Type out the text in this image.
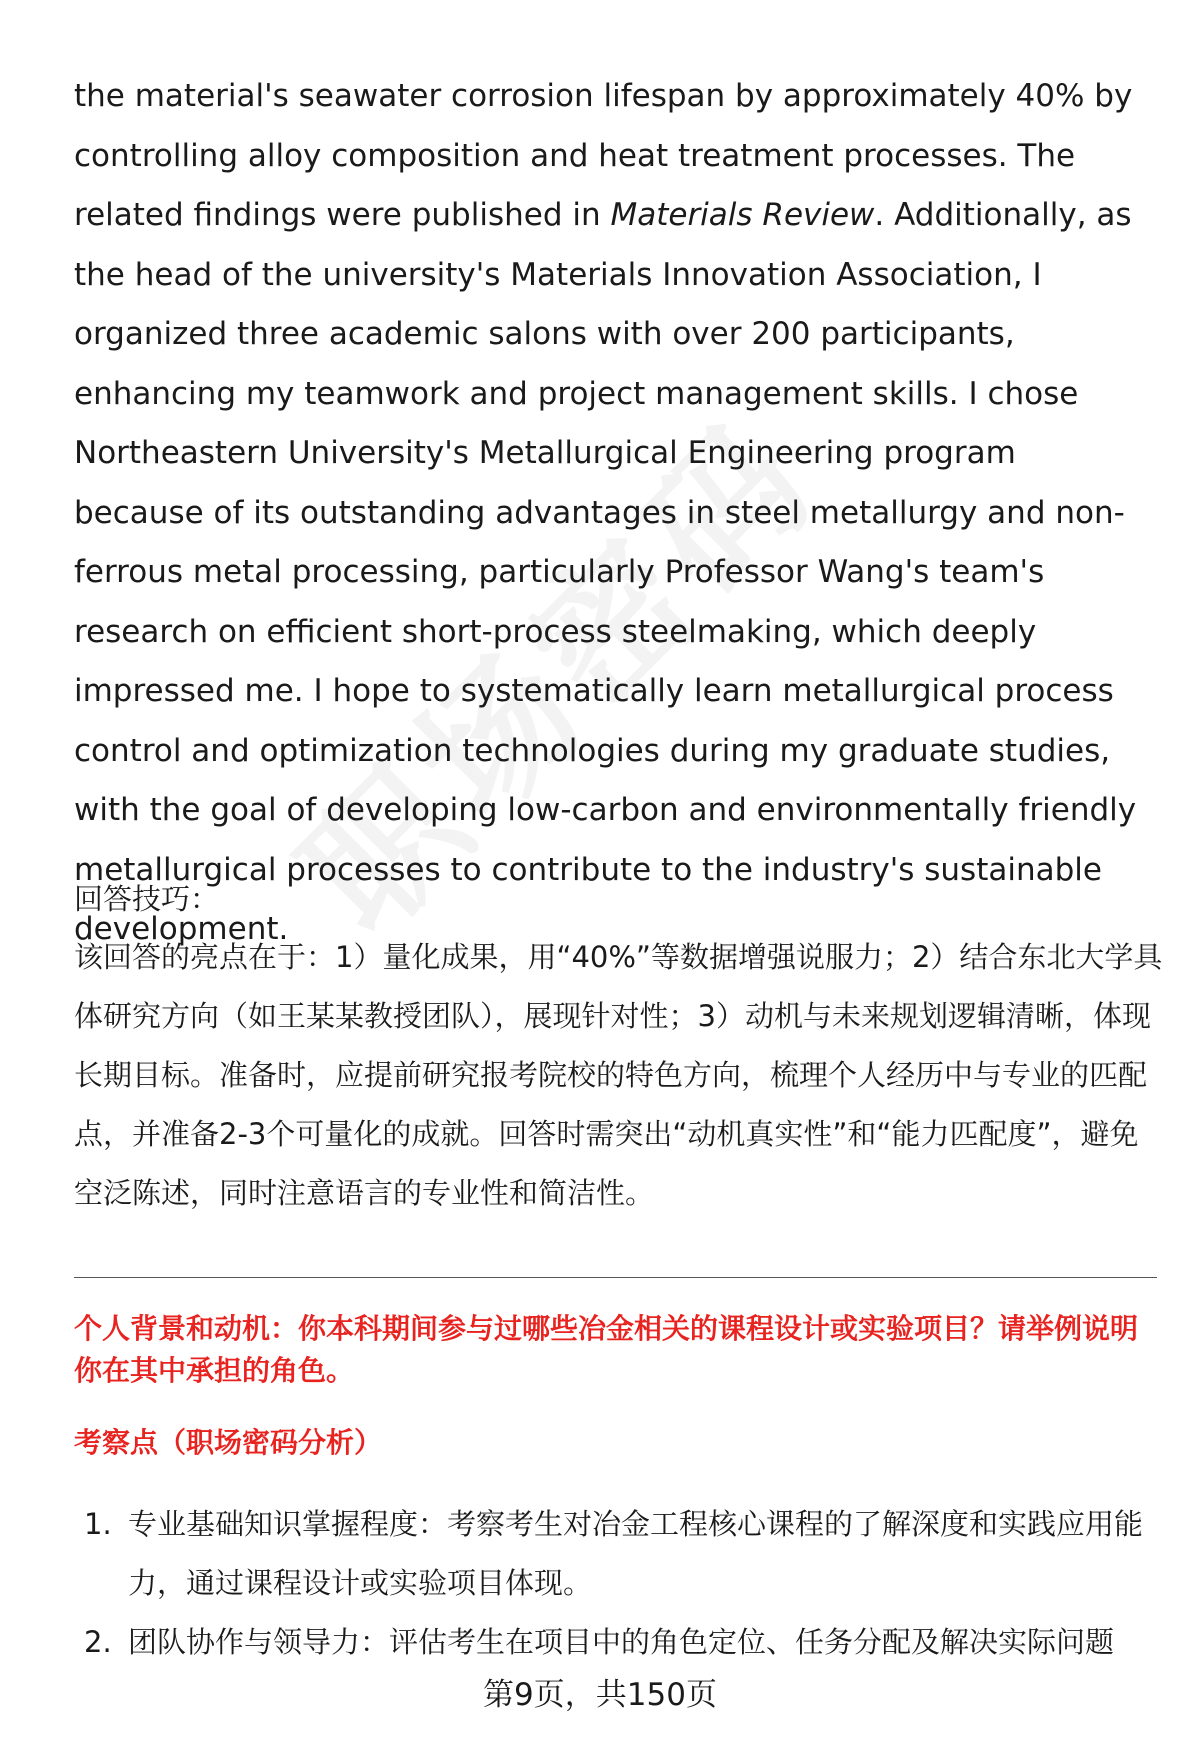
the material's seawater corrosion lifespan by approximately 40% by controlling alloy composition and heat treatment processes. The related findings were published in Materials Review. Additionally, as the head of the university's Materials Innovation Association, I organized three academic salons with over 200 participants, enhancing my teamwork and project management skills. I chose Northeastern University's Metallurgical Engineering program because of its outstanding advantages in steel metallurgy and non-ferrous metal processing, particularly Professor Wang's team's research on efficient short-process steelmaking, which deeply impressed me. I hope to systematically learn metallurgical process control and optimization technologies during my graduate studies, with the goal of developing low-carbon and environmentally friendly metallurgical processes to contribute to the industry's sustainable development.

回答技巧：

该回答的亮点在于：1）量化成果，用“40%”等数据增强说服力；2）结合东北大学具体研究方向（如王某某教授团队），展现针对性；3）动机与未来规划逻辑清晰，体现长期目标。准备时，应提前研究报考院校的特色方向，梳理个人经历中与专业的匹配点，并准备2-3个可量化的成就。回答时需突出“动机真实性”和“能力匹配度”，避免空泛陈述，同时注意语言的专业性和简洁性。

个人背景和动机：你本科期间参与过哪些冶金相关的课程设计或实验项目？请举例说明你在其中承担的角色。

考察点（职场密码分析）

1. 专业基础知识掌握程度：考察考生对冶金工程核心课程的了解深度和实践应用能力，通过课程设计或实验项目体现。
2. 团队协作与领导力：评估考生在项目中的角色定位、任务分配及解决实际问题
第9页，共150页
